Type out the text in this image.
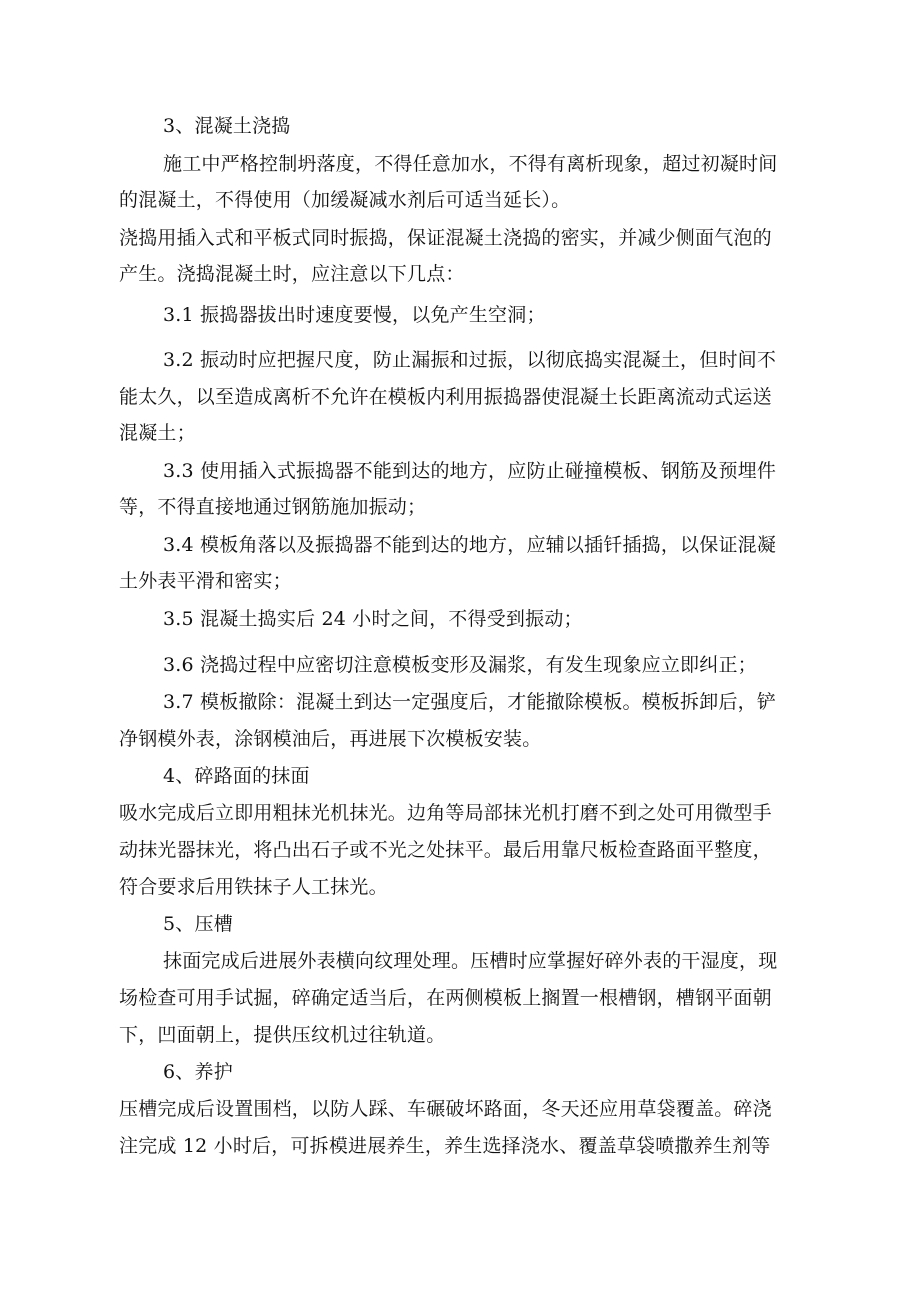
3、混凝土浇捣
施工中严格控制坍落度，不得任意加水，不得有离析现象，超过初凝时间
的混凝土，不得使用（加缓凝减水剂后可适当延长）。
浇捣用插入式和平板式同时振捣，保证混凝土浇捣的密实，并减少侧面气泡的
产生。浇捣混凝土时，应注意以下几点：
3.1 振捣器拔出时速度要慢，以免产生空洞；
3.2 振动时应把握尺度，防止漏振和过振，以彻底捣实混凝土，但时间不
能太久，以至造成离析不允许在模板内利用振捣器使混凝土长距离流动式运送
混凝土；
3.3 使用插入式振捣器不能到达的地方，应防止碰撞模板、钢筋及预埋件
等，不得直接地通过钢筋施加振动；
3.4 模板角落以及振捣器不能到达的地方，应辅以插钎插捣，以保证混凝
土外表平滑和密实；
3.5 混凝土捣实后 24 小时之间，不得受到振动；
3.6 浇捣过程中应密切注意模板变形及漏浆，有发生现象应立即纠正；
3.7 模板撤除：混凝土到达一定强度后，才能撤除模板。模板拆卸后，铲
净钢模外表，涂钢模油后，再进展下次模板安装。
4、碎路面的抹面
吸水完成后立即用粗抹光机抹光。边角等局部抹光机打磨不到之处可用微型手
动抹光器抹光，将凸出石子或不光之处抹平。最后用靠尺板检查路面平整度，
符合要求后用铁抹子人工抹光。
5、压槽
抹面完成后进展外表横向纹理处理。压槽时应掌握好碎外表的干湿度，现
场检查可用手试掘，碎确定适当后，在两侧模板上搁置一根槽钢，槽钢平面朝
下，凹面朝上，提供压纹机过往轨道。
6、养护
压槽完成后设置围档，以防人踩、车碾破坏路面，冬天还应用草袋覆盖。碎浇
注完成 12 小时后，可拆模进展养生，养生选择浇水、覆盖草袋喷撒养生剂等
